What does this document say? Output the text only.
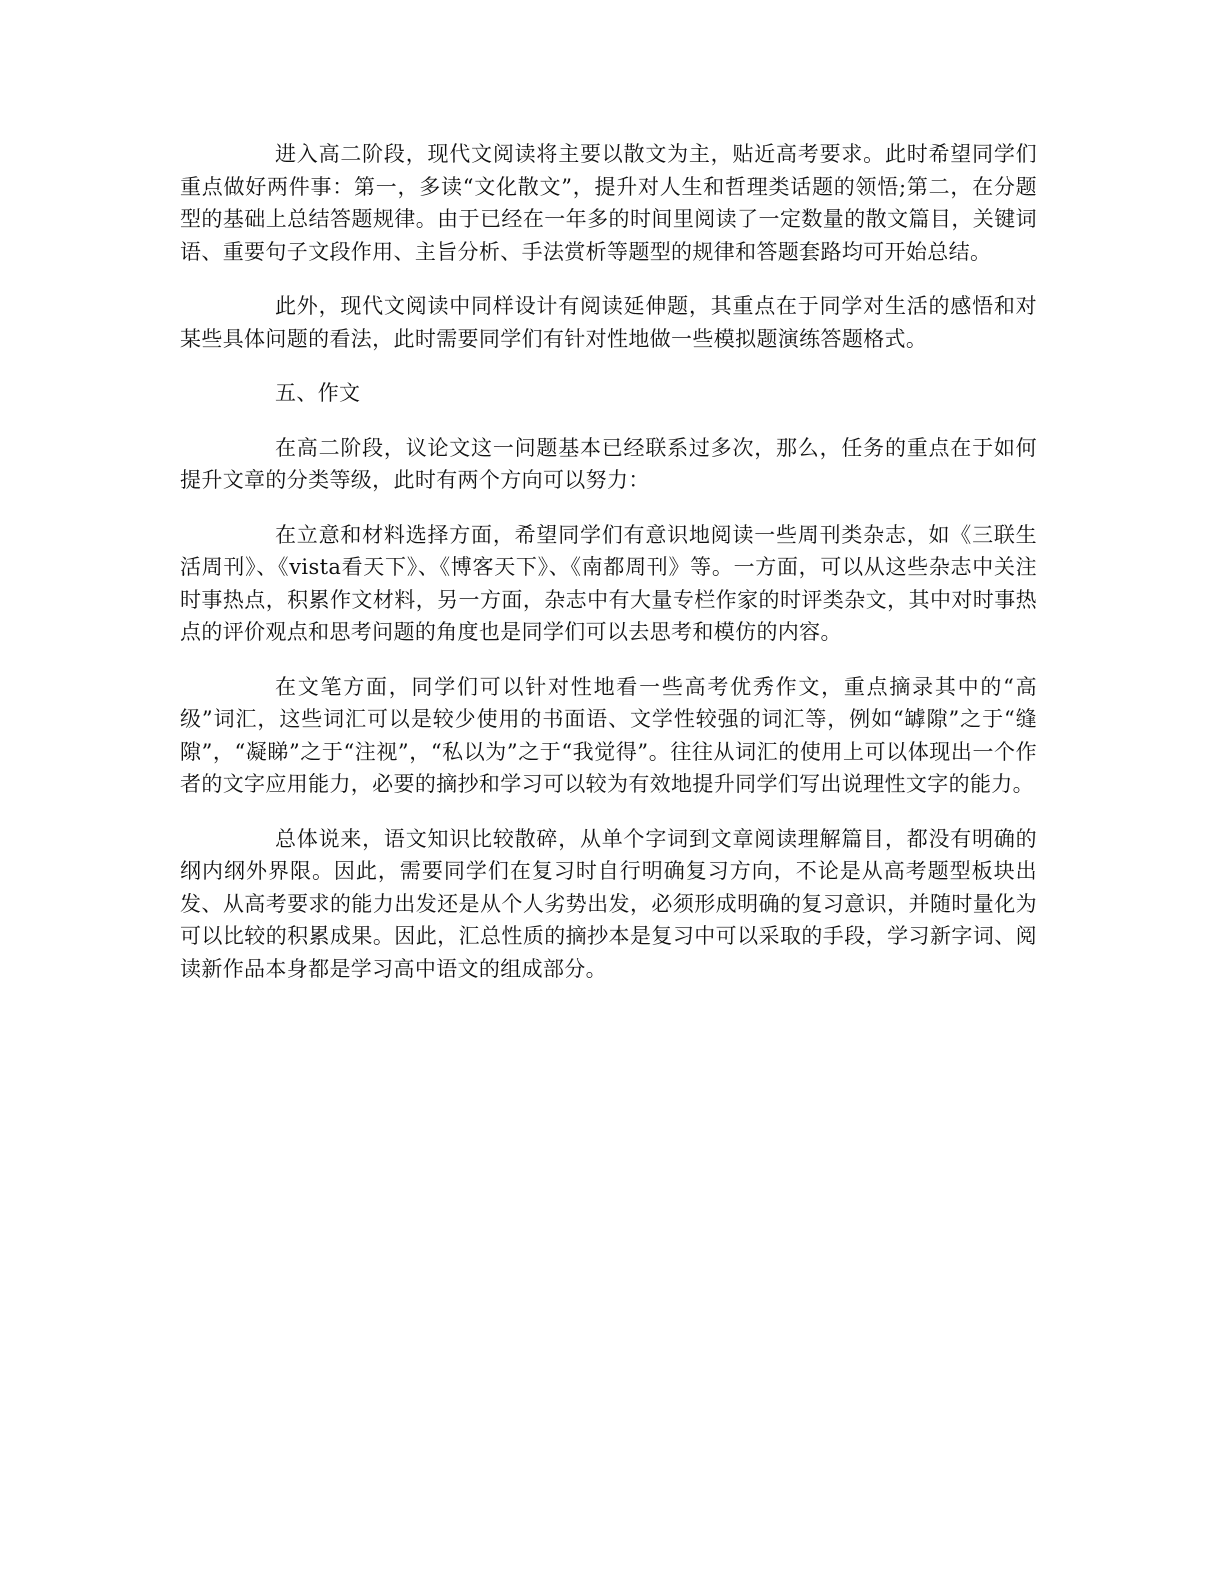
进入高二阶段，现代文阅读将主要以散文为主，贴近高考要求。此时希望同学们重点做好两件事：第一，多读“文化散文”，提升对人生和哲理类话题的领悟;第二，在分题型的基础上总结答题规律。由于已经在一年多的时间里阅读了一定数量的散文篇目，关键词语、重要句子文段作用、主旨分析、手法赏析等题型的规律和答题套路均可开始总结。

此外，现代文阅读中同样设计有阅读延伸题，其重点在于同学对生活的感悟和对某些具体问题的看法，此时需要同学们有针对性地做一些模拟题演练答题格式。

五、作文

在高二阶段，议论文这一问题基本已经联系过多次，那么，任务的重点在于如何提升文章的分类等级，此时有两个方向可以努力：

在立意和材料选择方面，希望同学们有意识地阅读一些周刊类杂志，如《三联生活周刊》、《vista看天下》、《博客天下》、《南都周刊》等。一方面，可以从这些杂志中关注时事热点，积累作文材料，另一方面，杂志中有大量专栏作家的时评类杂文，其中对时事热点的评价观点和思考问题的角度也是同学们可以去思考和模仿的内容。

在文笔方面，同学们可以针对性地看一些高考优秀作文，重点摘录其中的“高级”词汇，这些词汇可以是较少使用的书面语、文学性较强的词汇等，例如“罅隙”之于“缝隙”，“凝睇”之于“注视”，“私以为”之于“我觉得”。往往从词汇的使用上可以体现出一个作者的文字应用能力，必要的摘抄和学习可以较为有效地提升同学们写出说理性文字的能力。

总体说来，语文知识比较散碎，从单个字词到文章阅读理解篇目，都没有明确的纲内纲外界限。因此，需要同学们在复习时自行明确复习方向，不论是从高考题型板块出发、从高考要求的能力出发还是从个人劣势出发，必须形成明确的复习意识，并随时量化为可以比较的积累成果。因此，汇总性质的摘抄本是复习中可以采取的手段，学习新字词、阅读新作品本身都是学习高中语文的组成部分。
